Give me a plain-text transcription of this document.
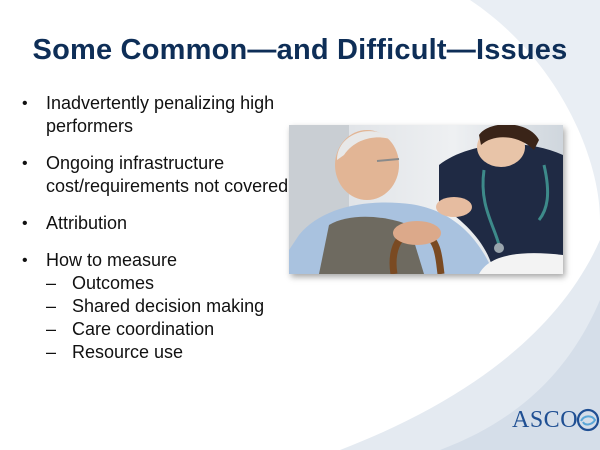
Some Common—and Difficult—Issues
• Inadvertently penalizing high performers
• Ongoing infrastructure cost/requirements not covered
• Attribution
• How to measure
– Outcomes
– Shared decision making
– Care coordination
– Resource use
ASCO
